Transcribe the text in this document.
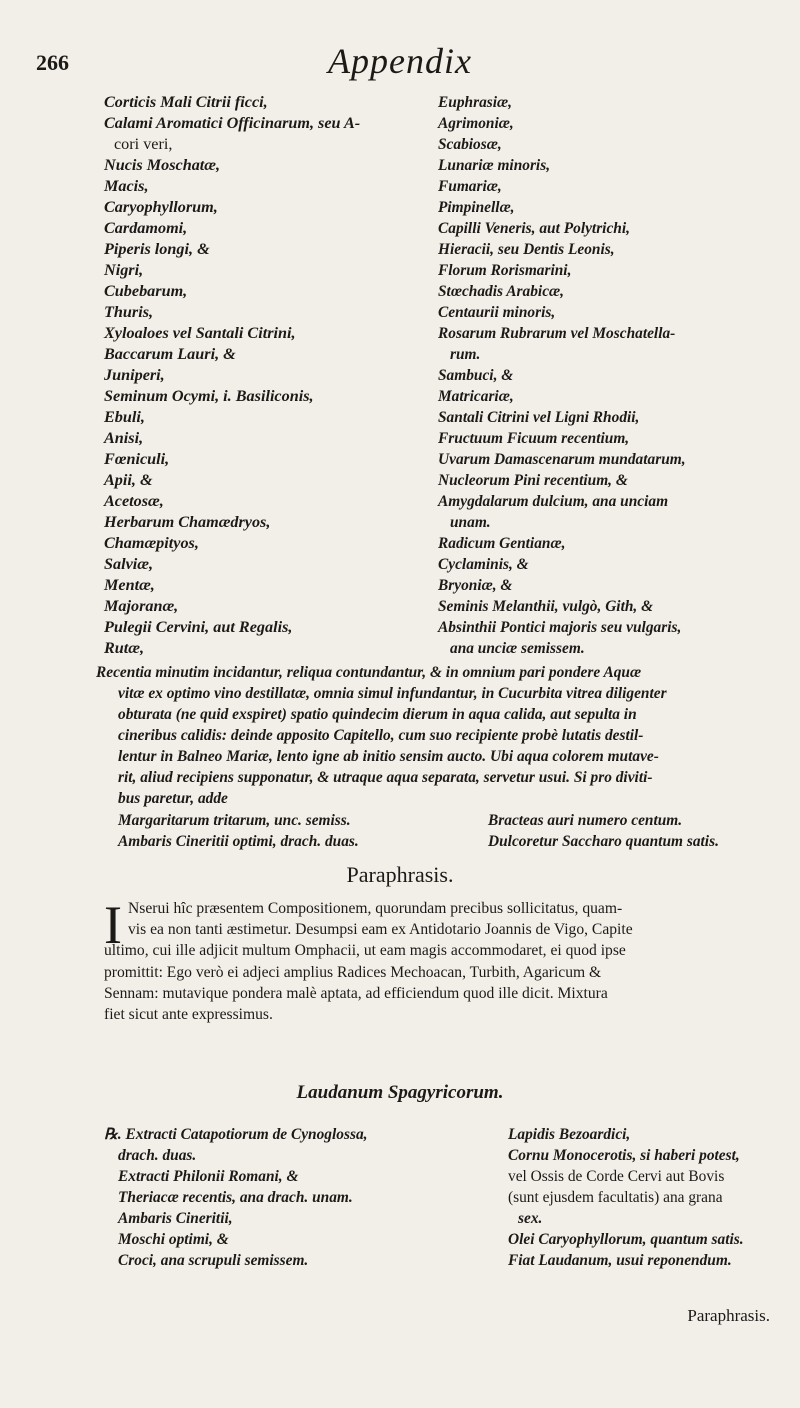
266	Appendix
Corticis Mali Citrii ficci,
Calami Aromatici Officinarum, seu A-
cori veri,
Nucis Moschatæ,
Macis,
Caryophyllorum,
Cardamomi,
Piperis longi, &
Nigri,
Cubebarum,
Thuris,
Xyloaloes vel Santali Citrini,
Baccarum Lauri, &
Juniperi,
Seminum Ocymi, i. Basiliconis,
Ebuli,
Anisi,
Fœniculi,
Apii, &
Acetosæ,
Herbarum Chamædryos,
Chamæpityos,
Salviæ,
Mentæ,
Majoranæ,
Pulegii Cervini, aut Regalis,
Rutæ,
Euphrasiæ,
Agrimoniæ,
Scabiosæ,
Lunariæ minoris,
Fumariæ,
Pimpinellæ,
Capilli Veneris, aut Polytrichi,
Hieracii, seu Dentis Leonis,
Florum Rorismarini,
Stœchadis Arabicæ,
Centaurii minoris,
Rosarum Rubrarum vel Moschatella-
rum.
Sambuci, &
Matricariæ,
Santali Citrini vel Ligni Rhodii,
Fructuum Ficuum recentium,
Uvarum Damascenarum mundatarum,
Nucleorum Pini recentium, &
Amygdalarum dulcium, ana unciam
unam.
Radicum Gentianæ,
Cyclaminis, &
Bryoniæ, &
Seminis Melanthii, vulgò, Gith, &
Absinthii Pontici majoris seu vulgaris,
ana unciæ semissem.
Recentia minutim incidantur, reliqua contundantur, & in omnium pari pondere Aquæ
vitæ ex optimo vino destillatæ, omnia simul infundantur, in Cucurbita vitrea diligenter
obturata (ne quid exspiret) spatio quindecim dierum in aqua calida, aut sepulta in
cineribus calidis: deinde apposito Capitello, cum suo recipiente probè lutatis destil-
lentur in Balneo Mariæ, lento igne ab initio sensim aucto. Ubi aqua colorem mutave-
rit, aliud recipiens supponatur, & utraque aqua separata, servetur usui. Si pro diviti-
bus paretur, adde
Margaritarum tritarum, unc. semiss.
Ambaris Cineritii optimi, drach. duas.
Bracteas auri numero centum.
Dulcoretur Saccharo quantum satis.
Paraphrasis.
I Nserui hîc præsentem Compositionem, quorundam precibus sollicitatus, quam-
vis ea non tanti æstimetur. Desumpsi eam ex Antidotario Joannis de Vigo, Capite
ultimo, cui ille adjicit multum Omphacii, ut eam magis accommodaret, ei quod ipse
promittit: Ego verò ei adjeci amplius Radices Mechoacan, Turbith, Agaricum &
Sennam: mutavique pondera malè aptata, ad efficiendum quod ille dicit. Mixtura
fiet sicut ante expressimus.
Laudanum Spagyricorum.
℞. Extracti Catapotiorum de Cynoglossa,
drach. duas.
Extracti Philonii Romani, &
Theriacæ recentis, ana drach. unam.
Ambaris Cineritii,
Moschi optimi, &
Croci, ana scrupuli semissem.
Lapidis Bezoardici,
Cornu Monocerotis, si haberi potest,
vel Ossis de Corde Cervi aut Bovis
(sunt ejusdem facultatis) ana grana
sex.
Olei Caryophyllorum, quantum satis.
Fiat Laudanum, usui reponendum.
Paraphrasis.
